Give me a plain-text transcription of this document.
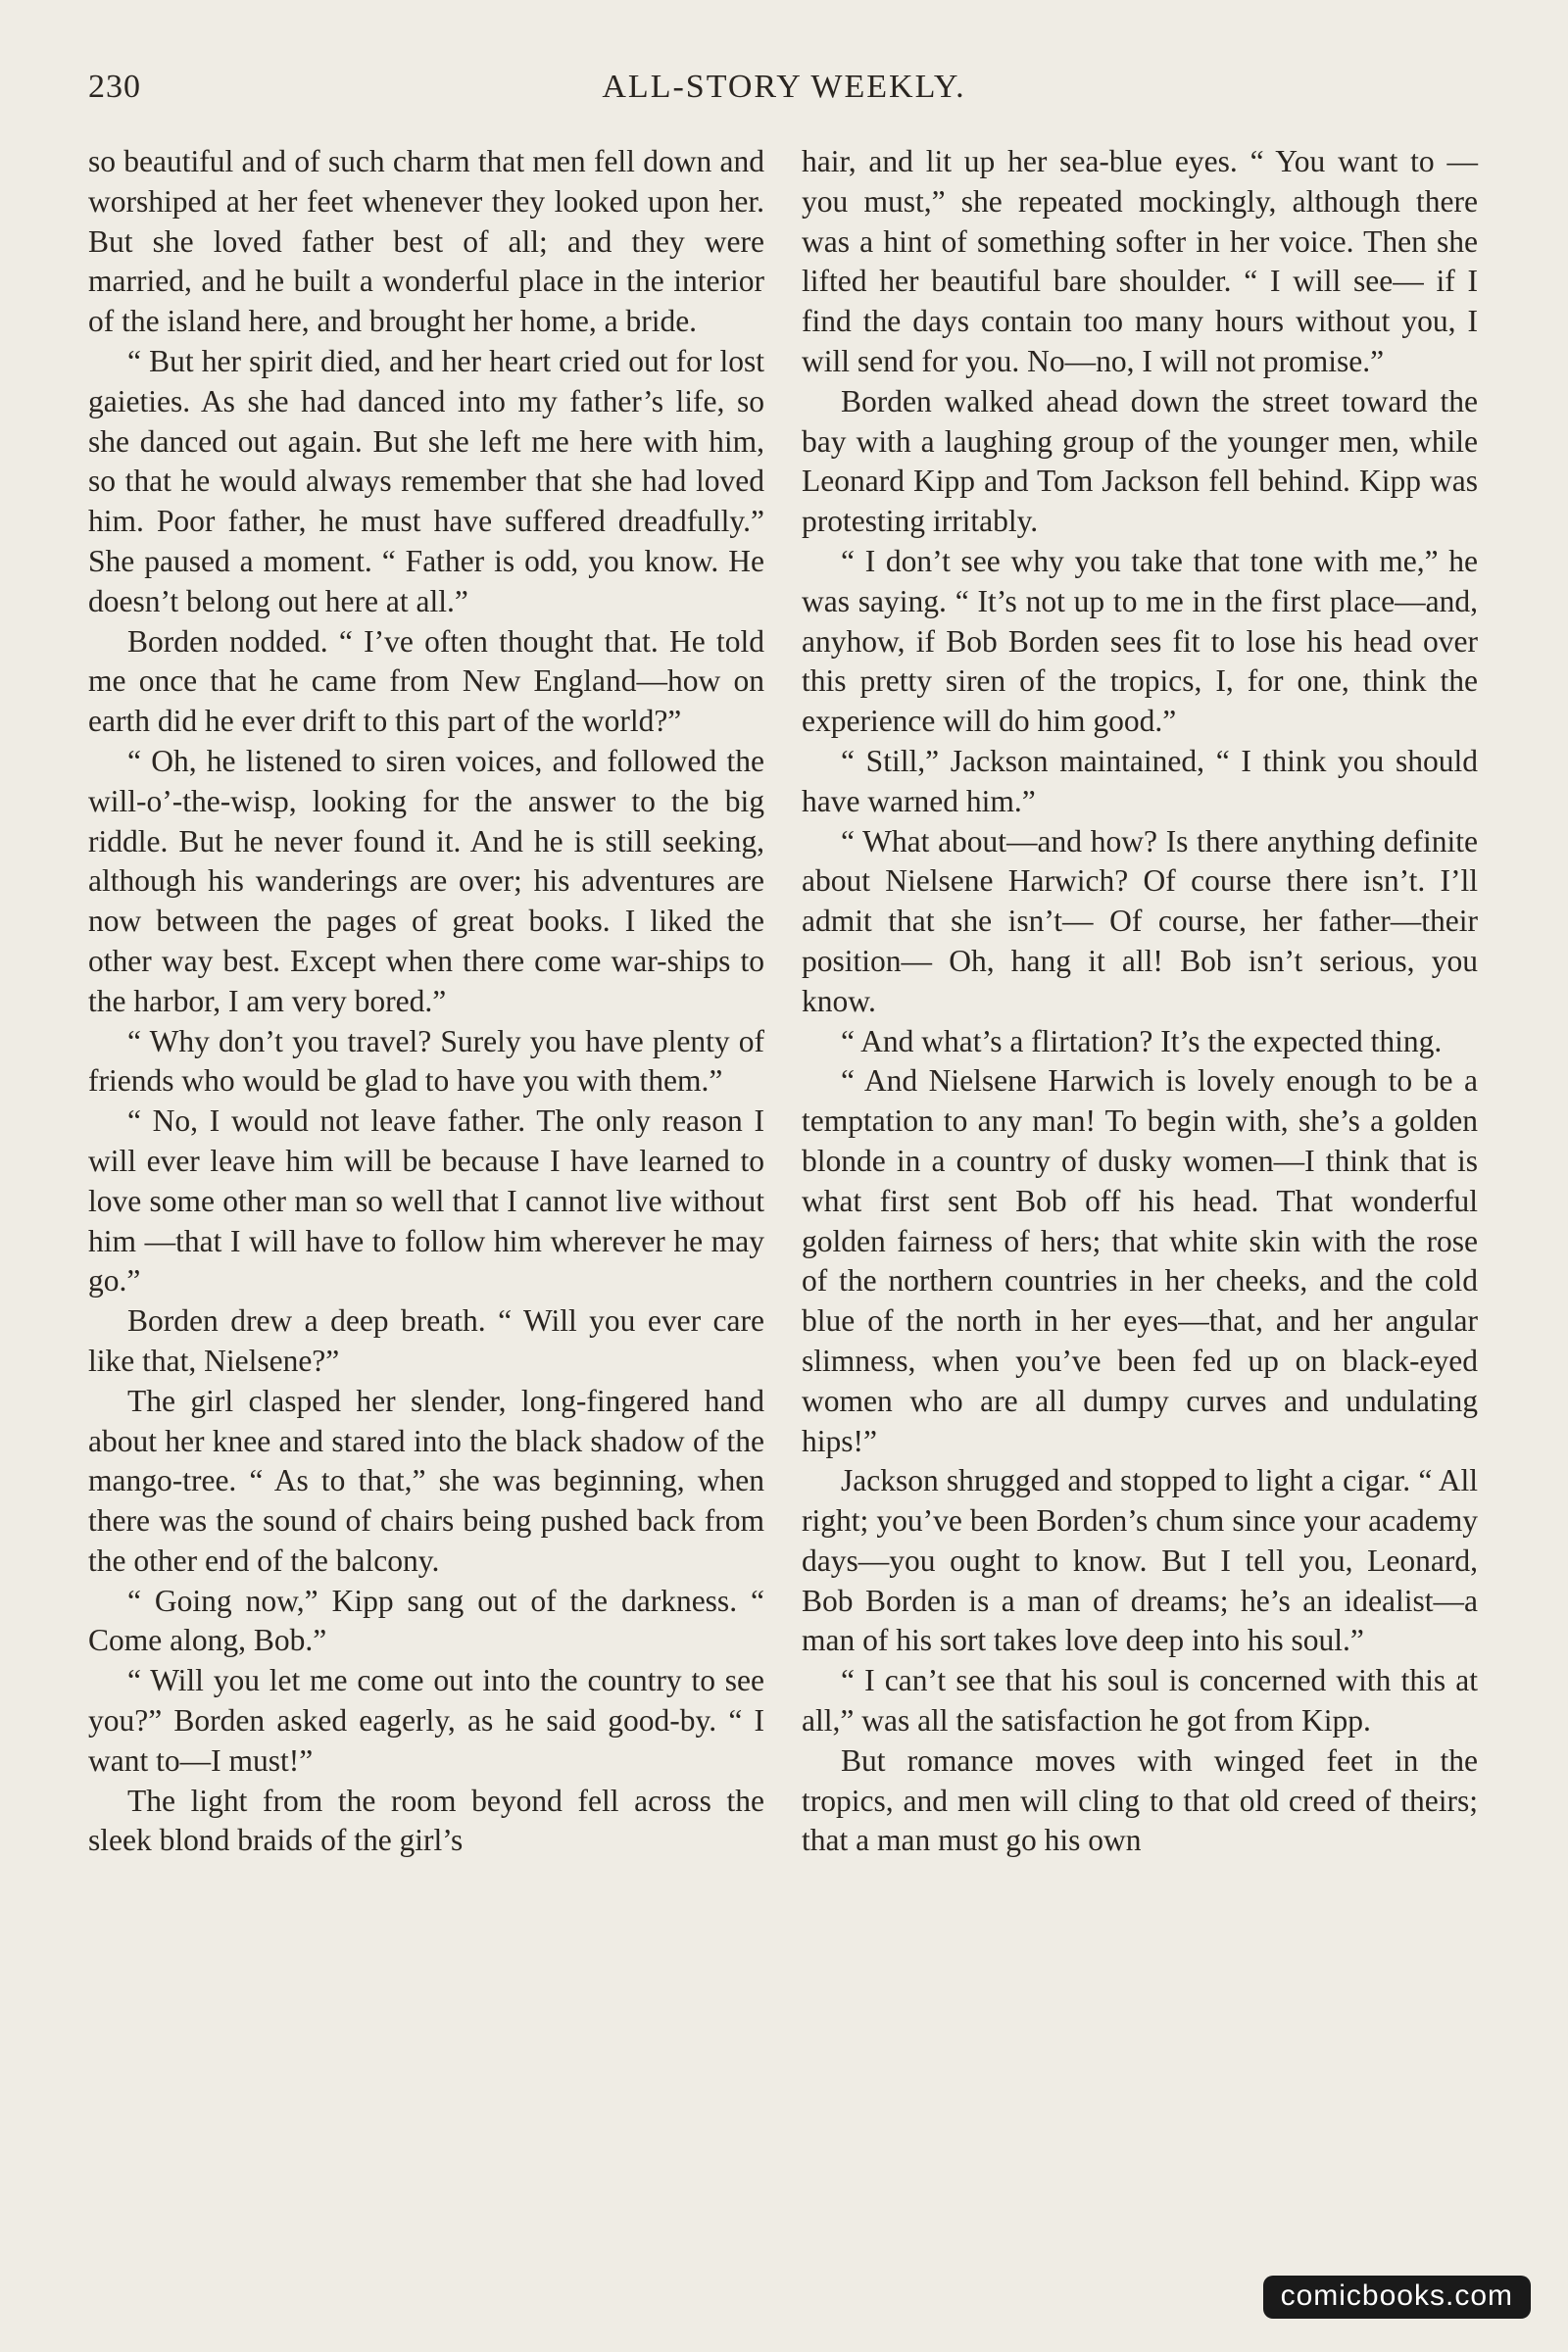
230	ALL-STORY WEEKLY.

so beautiful and of such charm that men fell down and worshiped at her feet whenever they looked upon her. But she loved father best of all; and they were married, and he built a wonderful place in the interior of the island here, and brought her home, a bride.

“ But her spirit died, and her heart cried out for lost gaieties. As she had danced into my father’s life, so she danced out again. But she left me here with him, so that he would always remember that she had loved him. Poor father, he must have suffered dreadfully.” She paused a moment. “ Father is odd, you know. He doesn’t belong out here at all.”

Borden nodded. “ I’ve often thought that. He told me once that he came from New England—how on earth did he ever drift to this part of the world?”

“ Oh, he listened to siren voices, and followed the will-o’-the-wisp, looking for the answer to the big riddle. But he never found it. And he is still seeking, although his wanderings are over; his adventures are now between the pages of great books. I liked the other way best. Except when there come war-ships to the harbor, I am very bored.”

“ Why don’t you travel? Surely you have plenty of friends who would be glad to have you with them.”

“ No, I would not leave father. The only reason I will ever leave him will be because I have learned to love some other man so well that I cannot live without him —that I will have to follow him wherever he may go.”

Borden drew a deep breath. “ Will you ever care like that, Nielsene?”

The girl clasped her slender, long-fingered hand about her knee and stared into the black shadow of the mango-tree. “ As to that,” she was beginning, when there was the sound of chairs being pushed back from the other end of the balcony.

“ Going now,” Kipp sang out of the darkness. “ Come along, Bob.”

“ Will you let me come out into the country to see you?” Borden asked eagerly, as he said good-by. “ I want to—I must!”

The light from the room beyond fell across the sleek blond braids of the girl’s

hair, and lit up her sea-blue eyes. “ You want to — you must,” she repeated mockingly, although there was a hint of something softer in her voice. Then she lifted her beautiful bare shoulder. “ I will see— if I find the days contain too many hours without you, I will send for you. No—no, I will not promise.”

Borden walked ahead down the street toward the bay with a laughing group of the younger men, while Leonard Kipp and Tom Jackson fell behind. Kipp was protesting irritably.

“ I don’t see why you take that tone with me,” he was saying. “ It’s not up to me in the first place—and, anyhow, if Bob Borden sees fit to lose his head over this pretty siren of the tropics, I, for one, think the experience will do him good.”

“ Still,” Jackson maintained, “ I think you should have warned him.”

“ What about—and how? Is there anything definite about Nielsene Harwich? Of course there isn’t. I’ll admit that she isn’t— Of course, her father—their position— Oh, hang it all! Bob isn’t serious, you know.

“ And what’s a flirtation? It’s the expected thing.

“ And Nielsene Harwich is lovely enough to be a temptation to any man! To begin with, she’s a golden blonde in a country of dusky women—I think that is what first sent Bob off his head. That wonderful golden fairness of hers; that white skin with the rose of the northern countries in her cheeks, and the cold blue of the north in her eyes—that, and her angular slimness, when you’ve been fed up on black-eyed women who are all dumpy curves and undulating hips!”

Jackson shrugged and stopped to light a cigar. “ All right; you’ve been Borden’s chum since your academy days—you ought to know. But I tell you, Leonard, Bob Borden is a man of dreams; he’s an idealist—a man of his sort takes love deep into his soul.”

“ I can’t see that his soul is concerned with this at all,” was all the satisfaction he got from Kipp.

But romance moves with winged feet in the tropics, and men will cling to that old creed of theirs; that a man must go his own

comicbooks.com
